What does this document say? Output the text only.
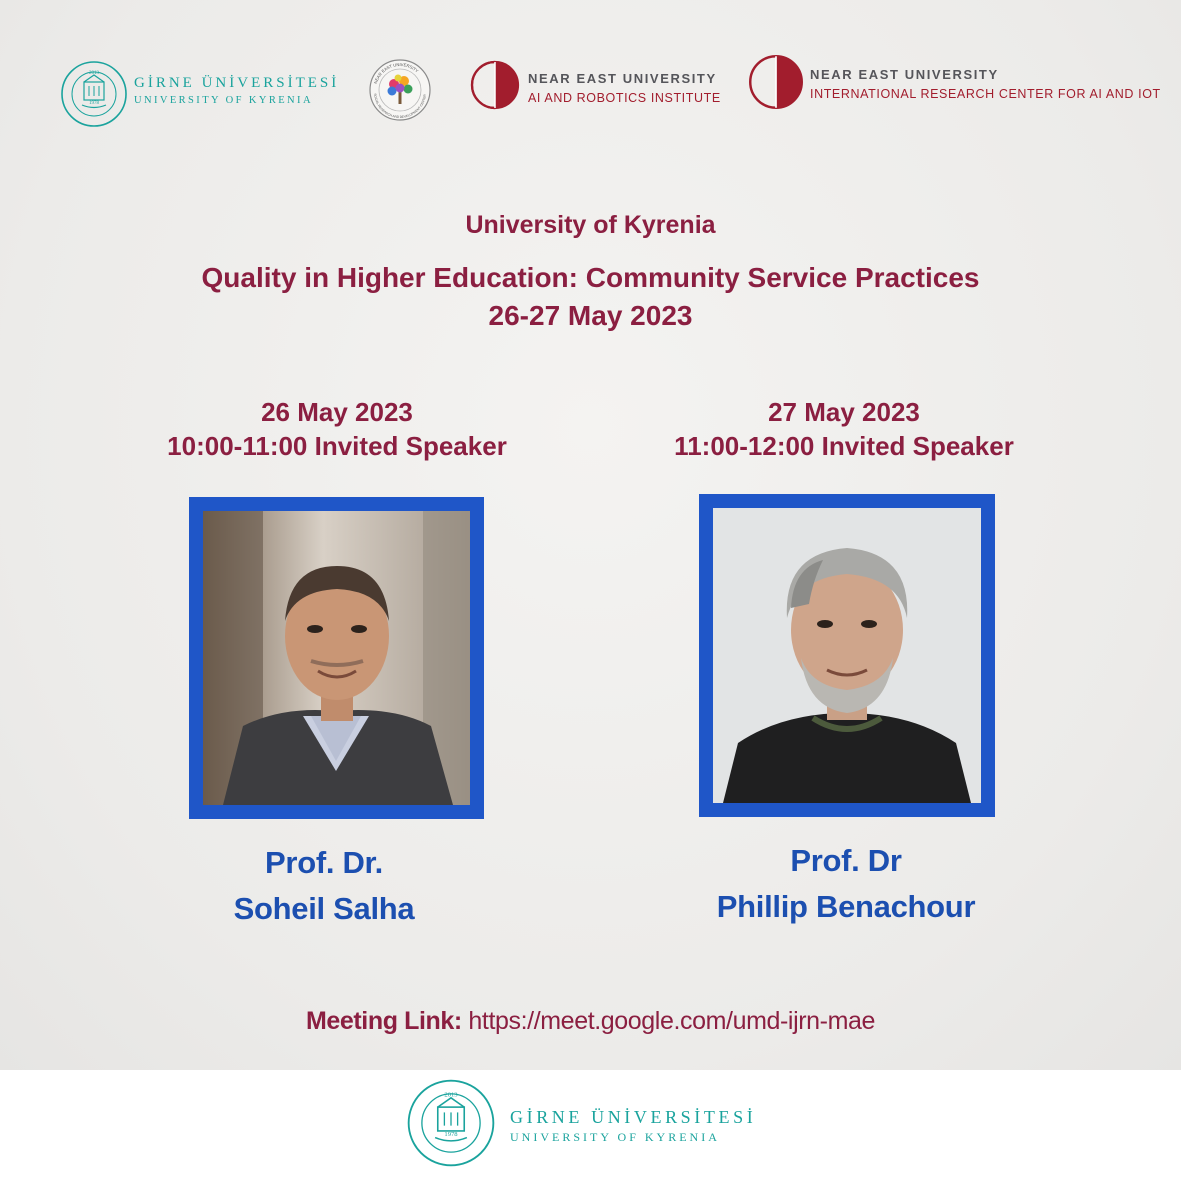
2013
1978
GİRNE ÜNİVERSİTESİ
UNIVERSITY OF KYRENIA
NEAR EAST UNIVERSITY
SOCIAL RESEARCH AND DEVELOPMENT CENTER
NEAR EAST UNIVERSITY
AI AND ROBOTICS INSTITUTE
NEAR EAST UNIVERSITY
INTERNATIONAL RESEARCH CENTER FOR AI AND IOT
University of Kyrenia
Quality in Higher Education: Community Service Practices
26-27 May 2023
26 May 2023
10:00-11:00 Invited Speaker
Prof. Dr.
Soheil Salha
27 May 2023
11:00-12:00 Invited Speaker
Prof. Dr
Phillip Benachour
Meeting Link: https://meet.google.com/umd-ijrn-mae
2013
1978
GİRNE ÜNİVERSİTESİ
UNIVERSITY OF KYRENIA
